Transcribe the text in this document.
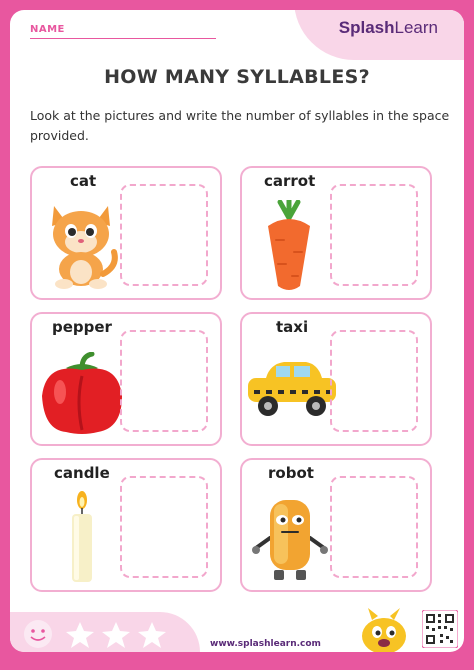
SplashLearn
NAME
HOW MANY SYLLABLES?
Look at the pictures and write the number of syllables in the space provided.
cat	carrot
pepper	taxi
candle	robot
www.splashlearn.com
